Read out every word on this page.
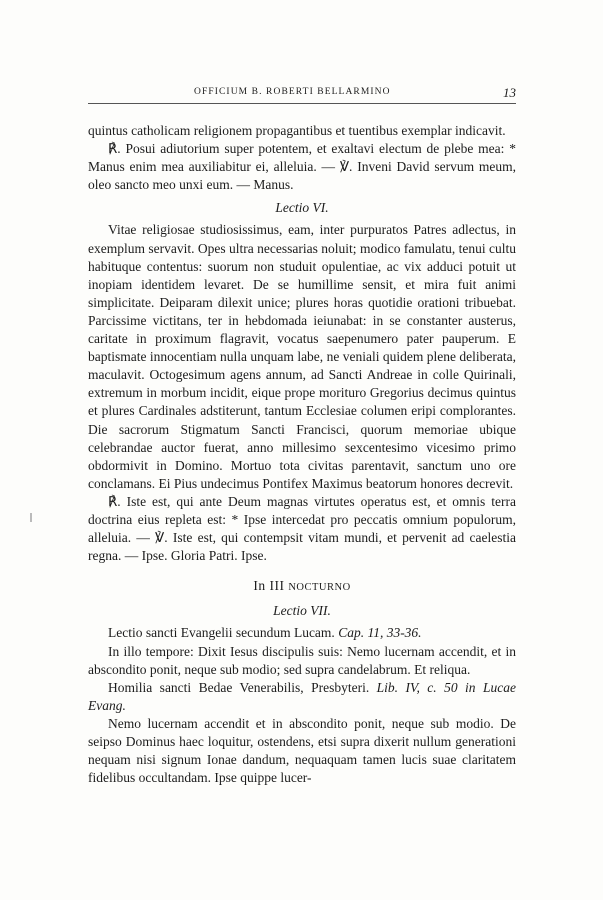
OFFICIUM B. ROBERTI BELLARMINO	13

quintus catholicam religionem propagantibus et tuentibus exemplar indicavit.

℟. Posui adiutorium super potentem, et exaltavi electum de plebe mea: * Manus enim mea auxiliabitur ei, alleluia. — ℣. Inveni David servum meum, oleo sancto meo unxi eum. — Manus.

Lectio VI.

Vitae religiosae studiosissimus, eam, inter purpuratos Patres adlectus, in exemplum servavit. Opes ultra necessarias noluit; modico famulatu, tenui cultu habituque contentus: suorum non studuit opulentiae, ac vix adduci potuit ut inopiam identidem levaret. De se humillime sensit, et mira fuit animi simplicitate. Deiparam dilexit unice; plures horas quotidie orationi tribuebat. Parcissime victitans, ter in hebdomada ieiunabat: in se constanter austerus, caritate in proximum flagravit, vocatus saepenumero pater pauperum. E baptismate innocentiam nulla unquam labe, ne veniali quidem plene deliberata, maculavit. Octogesimum agens annum, ad Sancti Andreae in colle Quirinali, extremum in morbum incidit, eique prope morituro Gregorius decimus quintus et plures Cardinales adstiterunt, tantum Ecclesiae columen eripi complorantes. Die sacrorum Stigmatum Sancti Francisci, quorum memoriae ubique celebrandae auctor fuerat, anno millesimo sexcentesimo vicesimo primo obdormivit in Domino. Mortuo tota civitas parentavit, sanctum uno ore conclamans. Ei Pius undecimus Pontifex Maximus beatorum honores decrevit.

℟. Iste est, qui ante Deum magnas virtutes operatus est, et omnis terra doctrina eius repleta est: * Ipse intercedat pro peccatis omnium populorum, alleluia. — ℣. Iste est, qui contempsit vitam mundi, et pervenit ad caelestia regna. — Ipse. Gloria Patri. Ipse.

In III NOCTURNO
Lectio VII.

Lectio sancti Evangelii secundum Lucam. Cap. 11, 33-36.

In illo tempore: Dixit Iesus discipulis suis: Nemo lucernam accendit, et in abscondito ponit, neque sub modio; sed supra candelabrum. Et reliqua.

Homilia sancti Bedae Venerabilis, Presbyteri. Lib. IV, c. 50 in Lucae Evang.

Nemo lucernam accendit et in abscondito ponit, neque sub modio. De seipso Dominus haec loquitur, ostendens, etsi supra dixerit nullum generationi nequam nisi signum Ionae dandum, nequaquam tamen lucis suae claritatem fidelibus occultandam. Ipse quippe lucer-
